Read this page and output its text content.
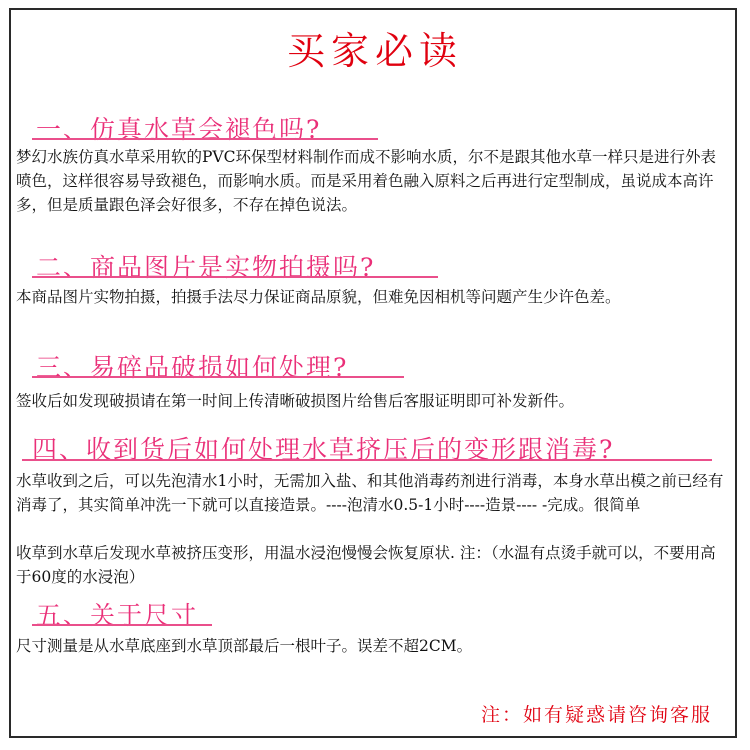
买家必读
一、仿真水草会褪色吗?

梦幻水族仿真水草采用软的PVC环保型材料制作而成不影响水质，尔不是跟其他水草一样只是进行外表喷色，这样很容易导致褪色，而影响水质。而是采用着色融入原料之后再进行定型制成，虽说成本高许多，但是质量跟色泽会好很多，不存在掉色说法。

二、商品图片是实物拍摄吗?

本商品图片实物拍摄，拍摄手法尽力保证商品原貌，但难免因相机等问题产生少许色差。

三、易碎品破损如何处理?

签收后如发现破损请在第一时间上传清晰破损图片给售后客服证明即可补发新件。

四、收到货后如何处理水草挤压后的变形跟消毒?

水草收到之后，可以先泡清水1小时，无需加入盐、和其他消毒药剂进行消毒，本身水草出模之前已经有消毒了，其实简单冲洗一下就可以直接造景。----泡清水0.5-1小时----造景---- -完成。很简单

收草到水草后发现水草被挤压变形，用温水浸泡慢慢会恢复原状. 注：（水温有点烫手就可以，不要用高于60度的水浸泡）

五、关于尺寸

尺寸测量是从水草底座到水草顶部最后一根叶子。误差不超2CM。

注：如有疑惑请咨询客服
